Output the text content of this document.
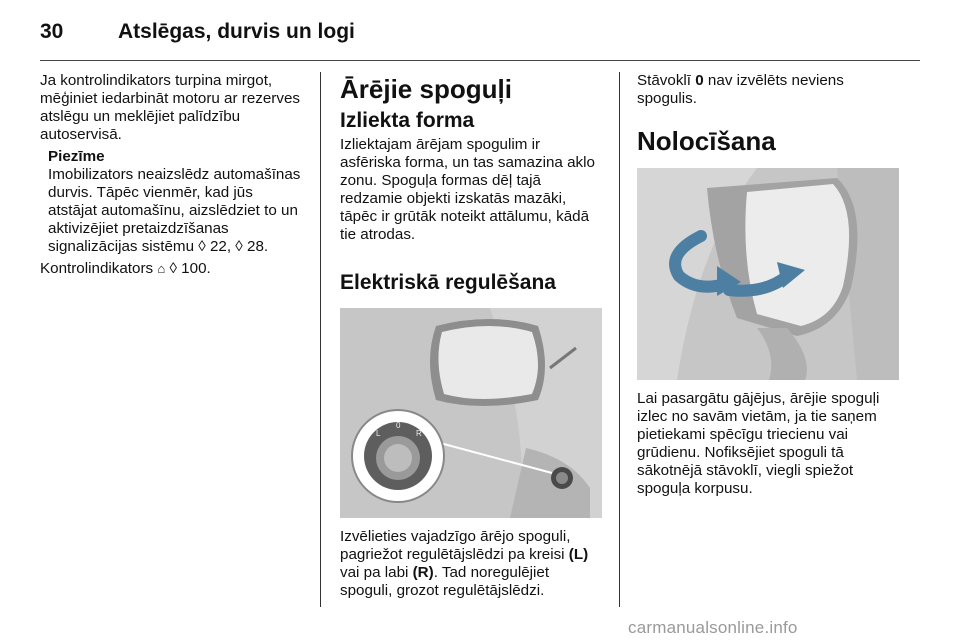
30	Atslēgas, durvis un logi

Ja kontrolindikators turpina mirgot, mēģiniet iedarbināt motoru ar rezerves atslēgu un meklējiet palīdzību autoservisā.

Piezīme
Imobilizators neaizslēdz automašīnas durvis. Tāpēc vienmēr, kad jūs atstājat automašīnu, aizslēdziet to un aktivizējiet pretaizdzīšanas signalizācijas sistēmu ◊ 22, ◊ 28.

Kontrolindikators ⌂ ◊ 100.

Ārējie spoguļi
Izliekta forma

Izliektajam ārējam spogulim ir asfēriska forma, un tas samazina aklo zonu. Spoguļa formas dēļ tajā redzamie objekti izskatās mazāki, tāpēc ir grūtāk noteikt attālumu, kādā tie atrodas.

Elektriskā regulēšana
L
0
R

Izvēlieties vajadzīgo ārējo spoguli, pagriežot regulētājslēdzi pa kreisi (L) vai pa labi (R). Tad noregulējiet spoguli, grozot regulētājslēdzi.

Stāvoklī 0 nav izvēlēts neviens spogulis.

Nolocīšana

Lai pasargātu gājējus, ārējie spoguļi izlec no savām vietām, ja tie saņem pietiekami spēcīgu triecienu vai grūdienu. Nofiksējiet spoguli tā sākotnējā stāvoklī, viegli spiežot spoguļa korpusu.

carmanualsonline.info
